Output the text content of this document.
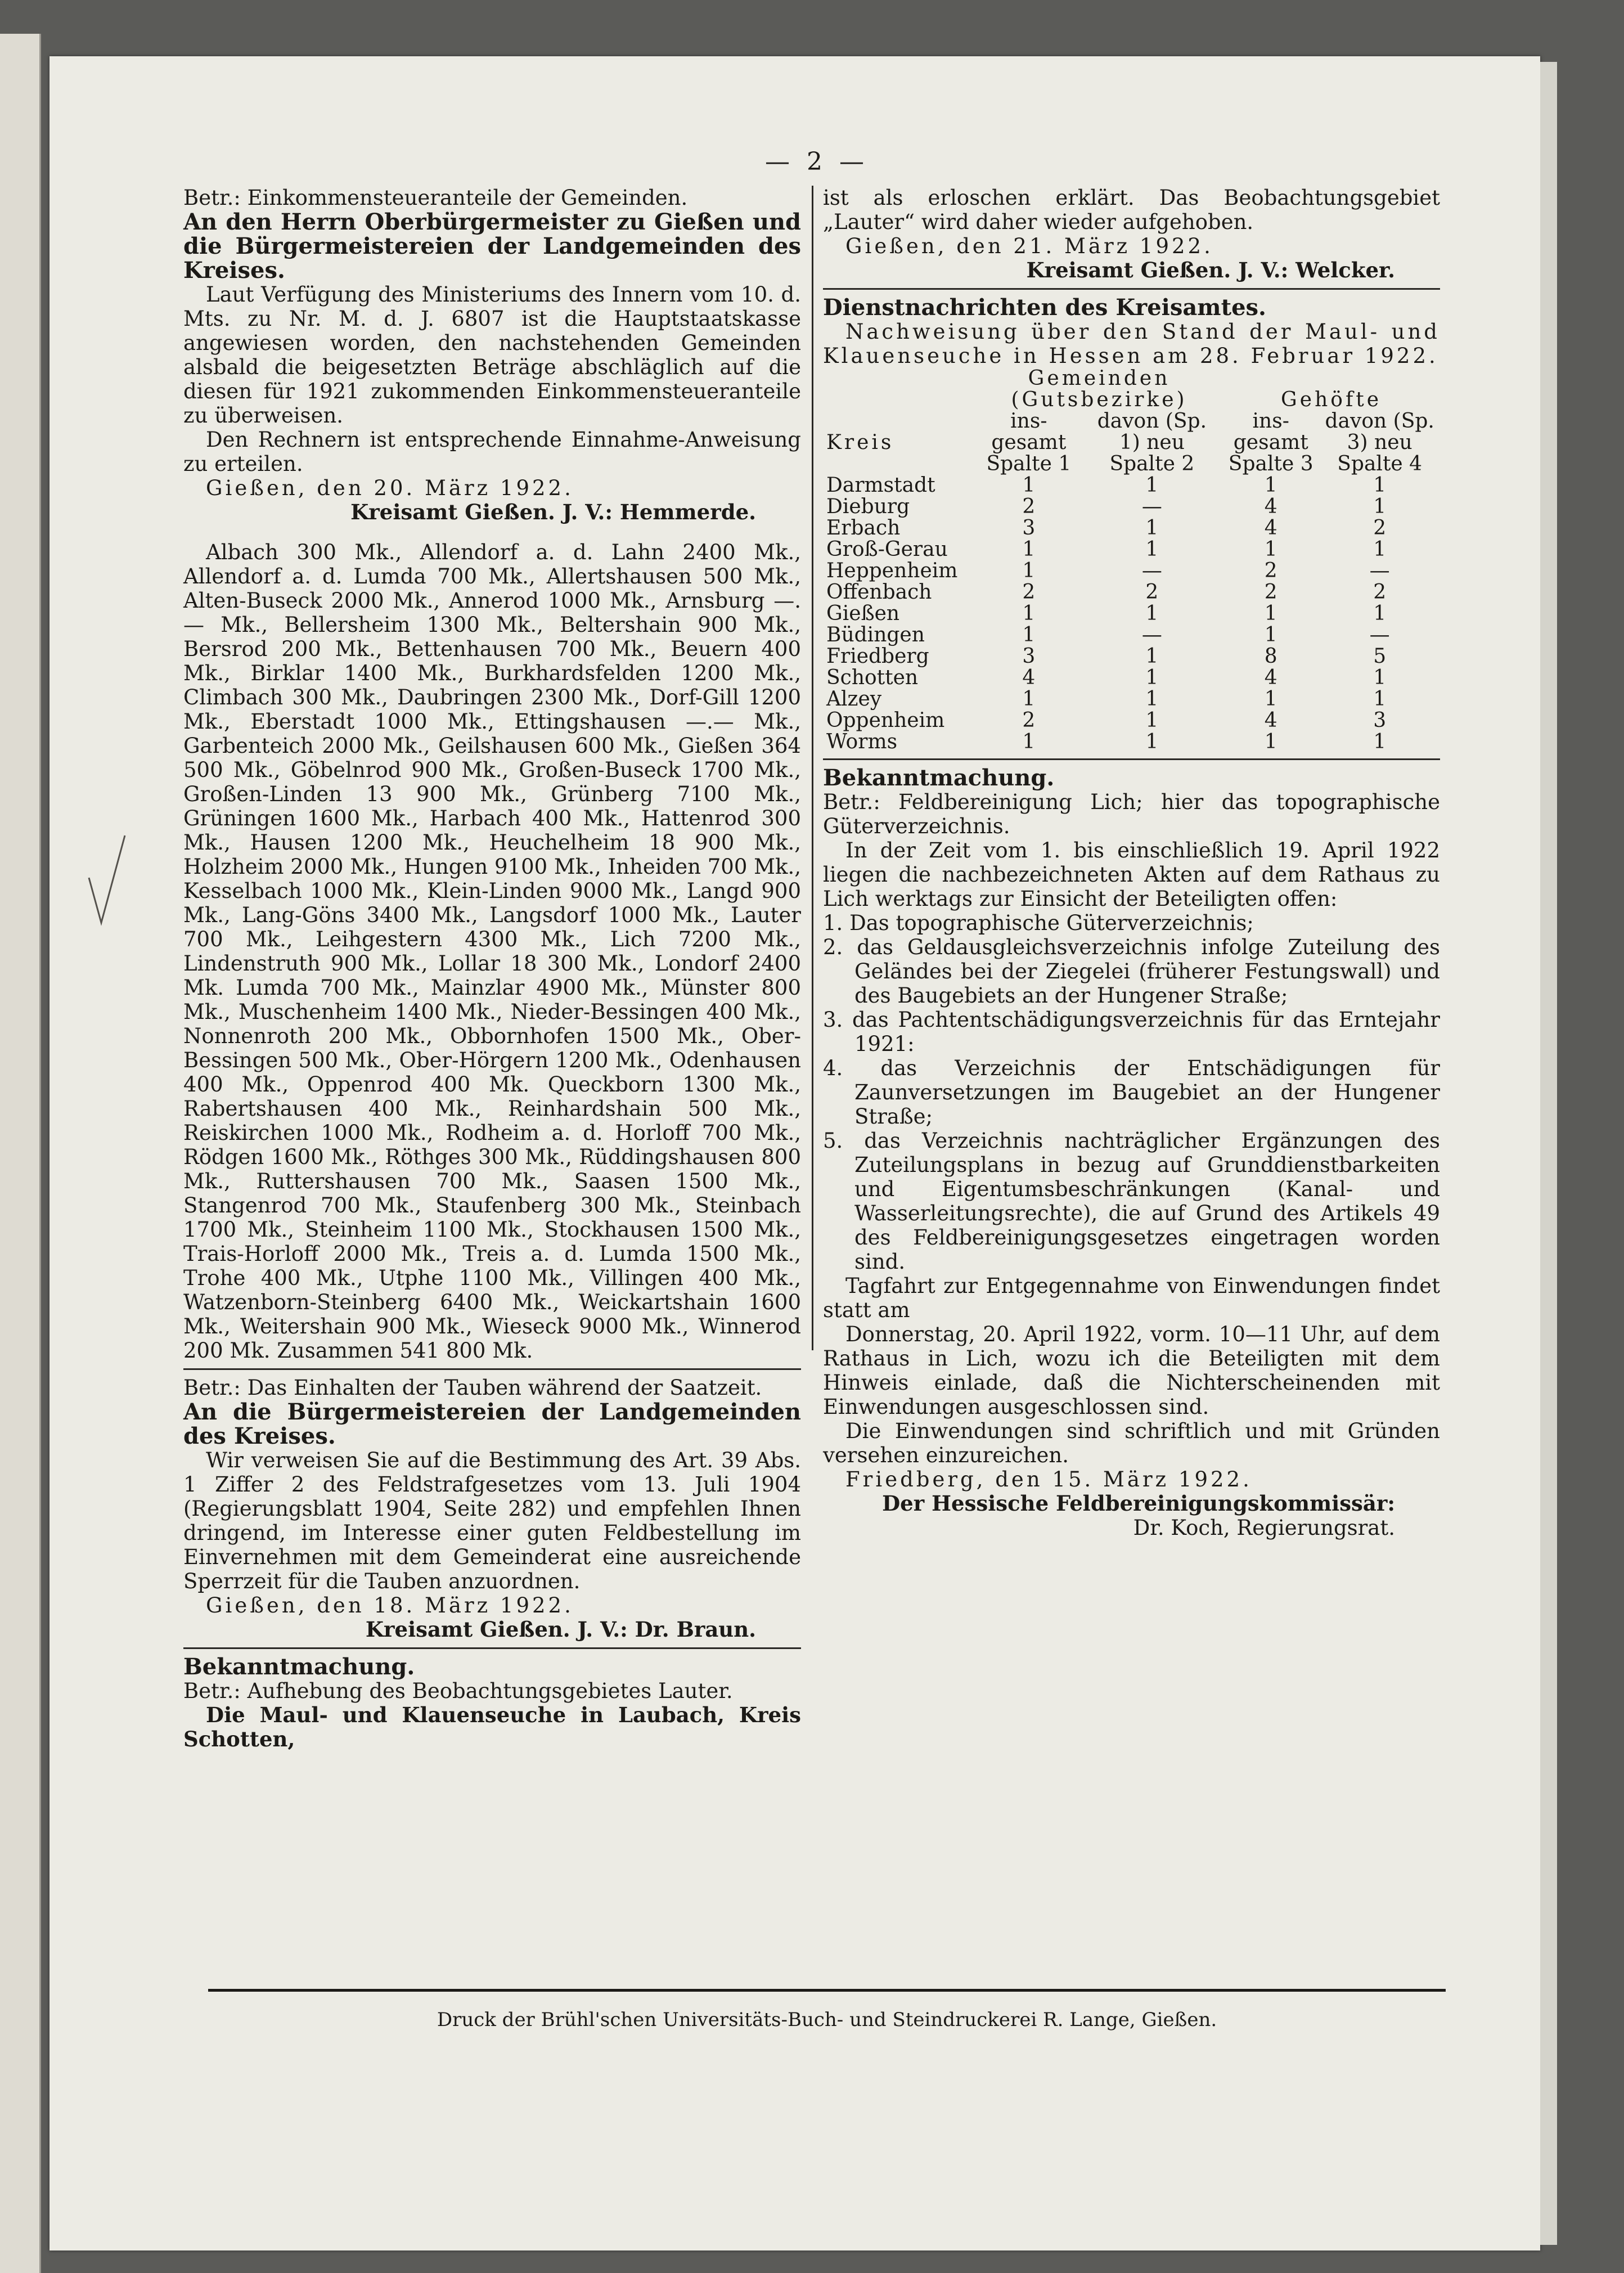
— 2 —

Betr.: Einkommensteueranteile der Gemeinden.

An den Herrn Oberbürgermeister zu Gießen und die Bürgermeistereien der Landgemeinden des Kreises.

Laut Verfügung des Ministeriums des Innern vom 10. d. Mts. zu Nr. M. d. J. 6807 ist die Hauptstaatskasse angewiesen worden, den nachstehenden Gemeinden alsbald die beigesetzten Beträge abschläglich auf die diesen für 1921 zukommenden Einkommensteueranteile zu überweisen.

Den Rechnern ist entsprechende Einnahme-Anweisung zu erteilen.

Gießen, den 20. März 1922.

Kreisamt Gießen. J. V.: Hemmerde.

Albach 300 Mk., Allendorf a. d. Lahn 2400 Mk., Allendorf a. d. Lumda 700 Mk., Allertshausen 500 Mk., Alten-Buseck 2000 Mk., Annerod 1000 Mk., Arnsburg —.— Mk., Bellersheim 1300 Mk., Beltershain 900 Mk., Bersrod 200 Mk., Bettenhausen 700 Mk., Beuern 400 Mk., Birklar 1400 Mk., Burkhardsfelden 1200 Mk., Climbach 300 Mk., Daubringen 2300 Mk., Dorf-Gill 1200 Mk., Eberstadt 1000 Mk., Ettingshausen —.— Mk., Garbenteich 2000 Mk., Geilshausen 600 Mk., Gießen 364 500 Mk., Göbelnrod 900 Mk., Großen-Buseck 1700 Mk., Großen-Linden 13 900 Mk., Grünberg 7100 Mk., Grüningen 1600 Mk., Harbach 400 Mk., Hattenrod 300 Mk., Hausen 1200 Mk., Heuchelheim 18 900 Mk., Holzheim 2000 Mk., Hungen 9100 Mk., Inheiden 700 Mk., Kesselbach 1000 Mk., Klein-Linden 9000 Mk., Langd 900 Mk., Lang-Göns 3400 Mk., Langsdorf 1000 Mk., Lauter 700 Mk., Leihgestern 4300 Mk., Lich 7200 Mk., Lindenstruth 900 Mk., Lollar 18 300 Mk., Londorf 2400 Mk. Lumda 700 Mk., Mainzlar 4900 Mk., Münster 800 Mk., Muschenheim 1400 Mk., Nieder-Bessingen 400 Mk., Nonnenroth 200 Mk., Obbornhofen 1500 Mk., Ober-Bessingen 500 Mk., Ober-Hörgern 1200 Mk., Odenhausen 400 Mk., Oppenrod 400 Mk. Queckborn 1300 Mk., Rabertshausen 400 Mk., Reinhardshain 500 Mk., Reiskirchen 1000 Mk., Rodheim a. d. Horloff 700 Mk., Rödgen 1600 Mk., Röthges 300 Mk., Rüddingshausen 800 Mk., Ruttershausen 700 Mk., Saasen 1500 Mk., Stangenrod 700 Mk., Staufenberg 300 Mk., Steinbach 1700 Mk., Steinheim 1100 Mk., Stockhausen 1500 Mk., Trais-Horloff 2000 Mk., Treis a. d. Lumda 1500 Mk., Trohe 400 Mk., Utphe 1100 Mk., Villingen 400 Mk., Watzenborn-Steinberg 6400 Mk., Weickartshain 1600 Mk., Weitershain 900 Mk., Wieseck 9000 Mk., Winnerod 200 Mk. Zusammen 541 800 Mk.

Betr.: Das Einhalten der Tauben während der Saatzeit.

An die Bürgermeistereien der Landgemeinden des Kreises.

Wir verweisen Sie auf die Bestimmung des Art. 39 Abs. 1 Ziffer 2 des Feldstrafgesetzes vom 13. Juli 1904 (Regierungsblatt 1904, Seite 282) und empfehlen Ihnen dringend, im Interesse einer guten Feldbestellung im Einvernehmen mit dem Gemeinderat eine ausreichende Sperrzeit für die Tauben anzuordnen.

Gießen, den 18. März 1922.

Kreisamt Gießen. J. V.: Dr. Braun.

Bekanntmachung.

Betr.: Aufhebung des Beobachtungsgebietes Lauter.

Die Maul- und Klauenseuche in Laubach, Kreis Schotten,

ist als erloschen erklärt. Das Beobachtungsgebiet „Lauter“ wird daher wieder aufgehoben.

Gießen, den 21. März 1922.

Kreisamt Gießen. J. V.: Welcker.

Dienstnachrichten des Kreisamtes.

Nachweisung über den Stand der Maul- und Klauenseuche in Hessen am 28. Februar 1922.

	Gemeinden (Gutsbezirke)		Gehöfte	
Kreis	ins-gesamt	davon (Sp. 1) neu	ins-gesamt	davon (Sp. 3) neu
	Spalte 1	Spalte 2	Spalte 3	Spalte 4
Darmstadt	1	1	1	1
Dieburg	2	—	4	1
Erbach	3	1	4	2
Groß-Gerau	1	1	1	1
Heppenheim	1	—	2	—
Offenbach	2	2	2	2
Gießen	1	1	1	1
Büdingen	1	—	1	—
Friedberg	3	1	8	5
Schotten	4	1	4	1
Alzey	1	1	1	1
Oppenheim	2	1	4	3
Worms	1	1	1	1

Bekanntmachung.

Betr.: Feldbereinigung Lich; hier das topographische Güterverzeichnis.

In der Zeit vom 1. bis einschließlich 19. April 1922 liegen die nachbezeichneten Akten auf dem Rathaus zu Lich werktags zur Einsicht der Beteiligten offen:

1. Das topographische Güterverzeichnis;

2. das Geldausgleichsverzeichnis infolge Zuteilung des Geländes bei der Ziegelei (früherer Festungswall) und des Baugebiets an der Hungener Straße;

3. das Pachtentschädigungsverzeichnis für das Erntejahr 1921:

4. das Verzeichnis der Entschädigungen für Zaunversetzungen im Baugebiet an der Hungener Straße;

5. das Verzeichnis nachträglicher Ergänzungen des Zuteilungsplans in bezug auf Grunddienstbarkeiten und Eigentumsbeschränkungen (Kanal- und Wasserleitungsrechte), die auf Grund des Artikels 49 des Feldbereinigungsgesetzes eingetragen worden sind.

Tagfahrt zur Entgegennahme von Einwendungen findet statt am

Donnerstag, 20. April 1922, vorm. 10—11 Uhr, auf dem Rathaus in Lich, wozu ich die Beteiligten mit dem Hinweis einlade, daß die Nichterscheinenden mit Einwendungen ausgeschlossen sind.

Die Einwendungen sind schriftlich und mit Gründen versehen einzureichen.

Friedberg, den 15. März 1922.

Der Hessische Feldbereinigungskommissär:

Dr. Koch, Regierungsrat.

Druck der Brühl'schen Universitäts-Buch- und Steindruckerei R. Lange, Gießen.
